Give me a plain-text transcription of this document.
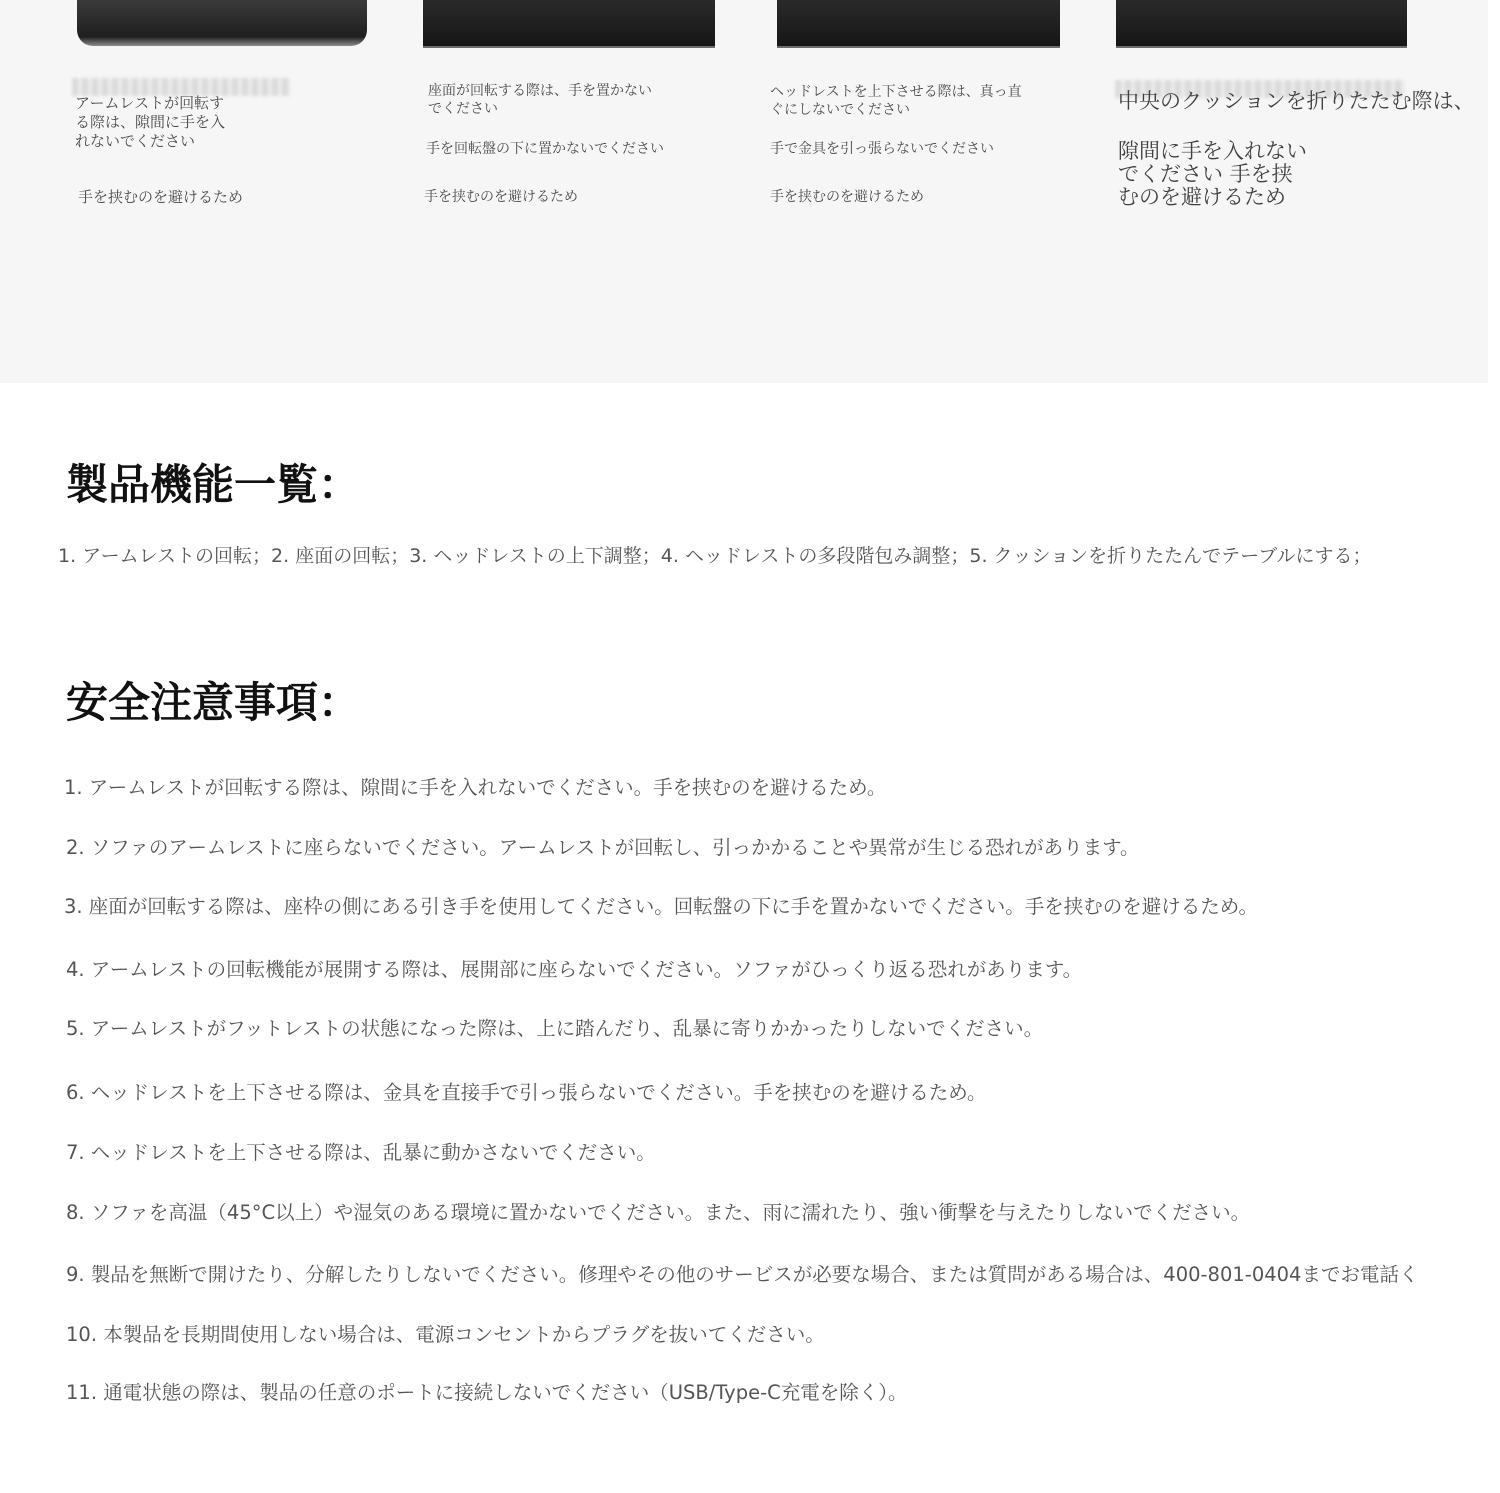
アームレストが回転す
る際は、隙間に手を入
れないでください

手を挟むのを避けるため

座面が回転する際は、手を置かない
でください

手を回転盤の下に置かないでください

手を挟むのを避けるため

ヘッドレストを上下させる際は、真っ直
ぐにしないでください

手で金具を引っ張らないでください

手を挟むのを避けるため

中央のクッションを折りたたむ際は、

隙間に手を入れない
でください 手を挟
むのを避けるため

製品機能一覧：

1. アームレストの回転；2. 座面の回転；3. ヘッドレストの上下調整；4. ヘッドレストの多段階包み調整；5. クッションを折りたたんでテーブルにする；

安全注意事項：

1. アームレストが回転する際は、隙間に手を入れないでください。手を挟むのを避けるため。

2. ソファのアームレストに座らないでください。アームレストが回転し、引っかかることや異常が生じる恐れがあります。

3. 座面が回転する際は、座枠の側にある引き手を使用してください。回転盤の下に手を置かないでください。手を挟むのを避けるため。

4. アームレストの回転機能が展開する際は、展開部に座らないでください。ソファがひっくり返る恐れがあります。

5. アームレストがフットレストの状態になった際は、上に踏んだり、乱暴に寄りかかったりしないでください。

6. ヘッドレストを上下させる際は、金具を直接手で引っ張らないでください。手を挟むのを避けるため。

7. ヘッドレストを上下させる際は、乱暴に動かさないでください。

8. ソファを高温（45°C以上）や湿気のある環境に置かないでください。また、雨に濡れたり、強い衝撃を与えたりしないでください。

9. 製品を無断で開けたり、分解したりしないでください。修理やその他のサービスが必要な場合、または質問がある場合は、400-801-0404までお電話く

10. 本製品を長期間使用しない場合は、電源コンセントからプラグを抜いてください。

11. 通電状態の際は、製品の任意のポートに接続しないでください（USB/Type-C充電を除く）。
